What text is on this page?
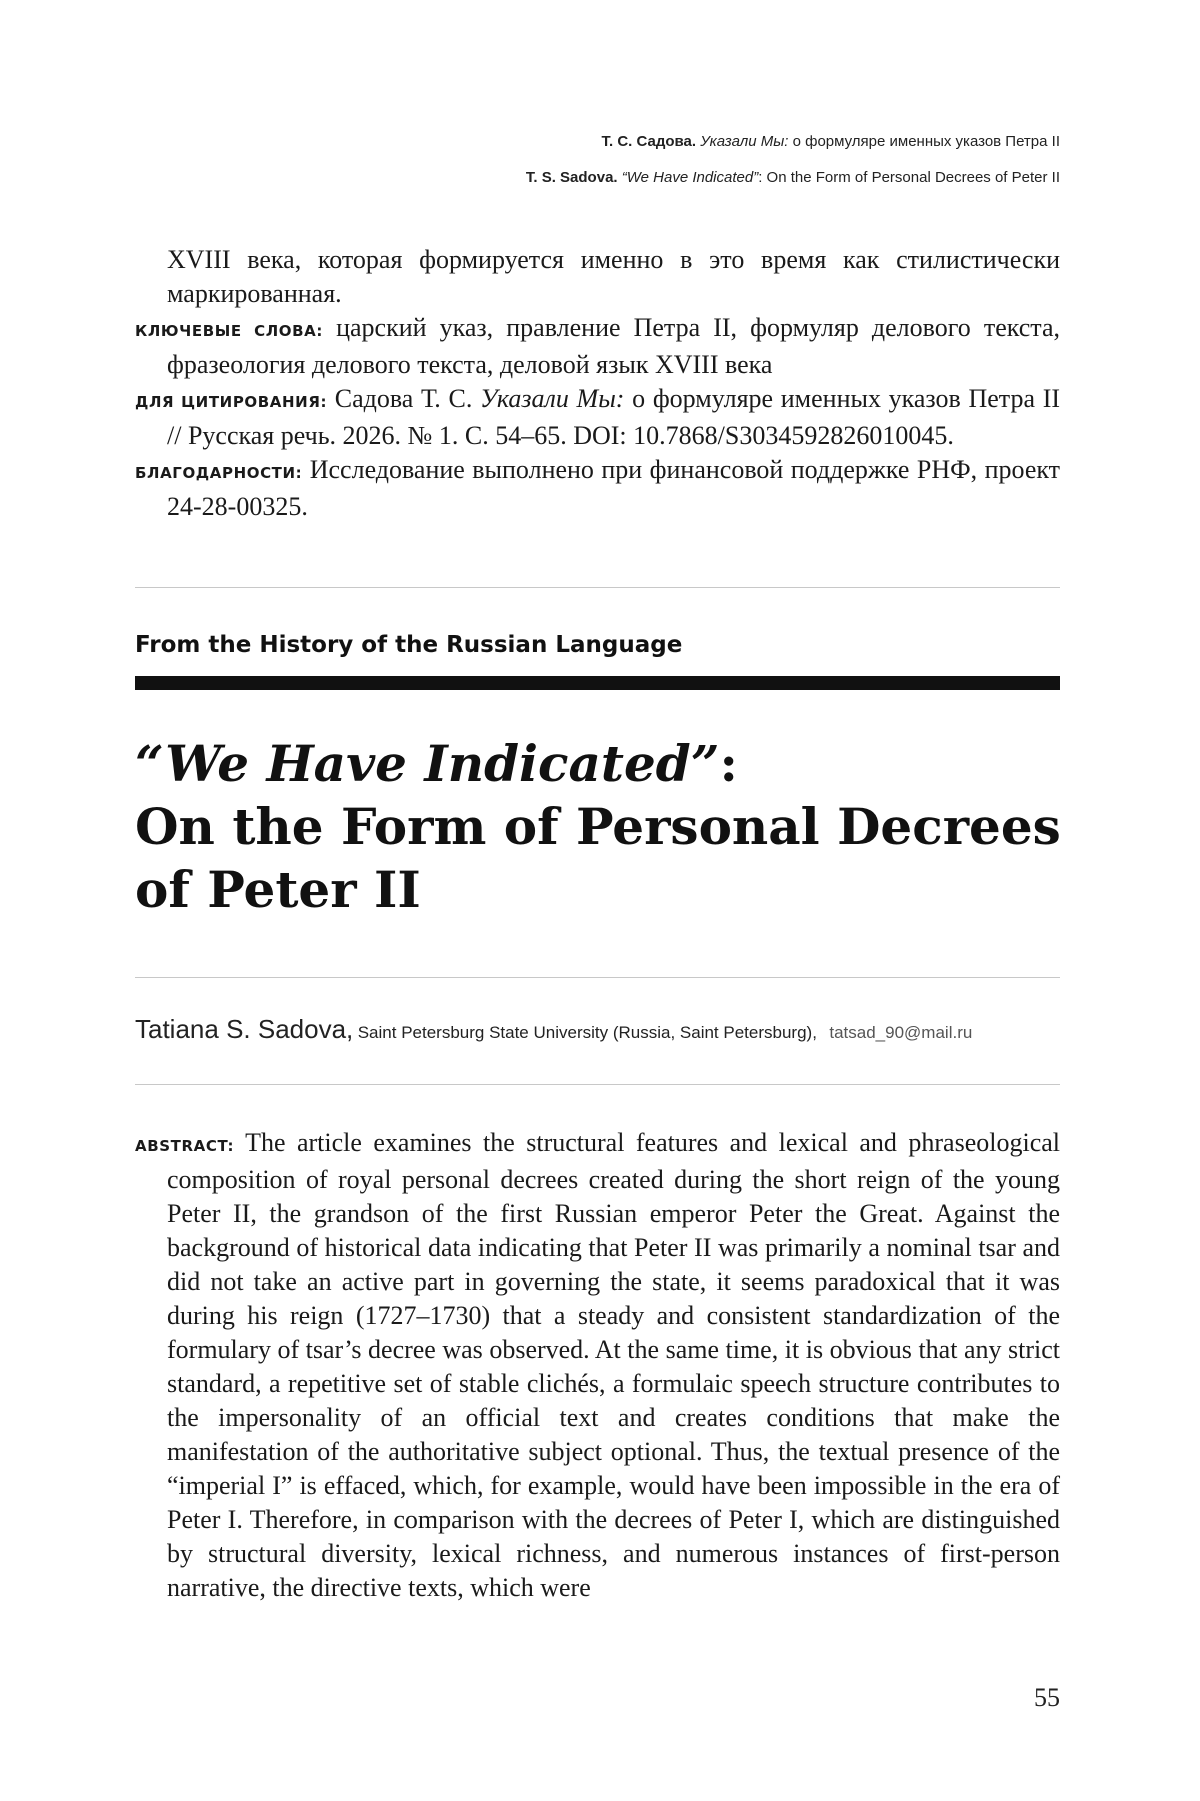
Т. С. Садова. Указали Мы: о формуляре именных указов Петра II
T. S. Sadova. “We Have Indicated”: On the Form of Personal Decrees of Peter II

XVIII века, которая формируется именно в это время как стилистически маркированная.

КЛЮЧЕВЫЕ СЛОВА: царский указ, правление Петра II, формуляр делового текста, фразеология делового текста, деловой язык XVIII века

ДЛЯ ЦИТИРОВАНИЯ: Садова Т. С. Указали Мы: о формуляре именных указов Петра II // Русская речь. 2026. № 1. С. 54–65. DOI: 10.7868/S3034592826010045.

БЛАГОДАРНОСТИ: Исследование выполнено при финансовой поддержке РНФ, проект 24-28-00325.

From the History of the Russian Language
“We Have Indicated”:
On the Form of Personal Decrees
of Peter II
Tatiana S. Sadova, Saint Petersburg State University (Russia, Saint Petersburg), tatsad_90@mail.ru

ABSTRACT: The article examines the structural features and lexical and phraseological composition of royal personal decrees created during the short reign of the young Peter II, the grandson of the first Russian emperor Peter the Great. Against the background of historical data indicating that Peter II was primarily a nominal tsar and did not take an active part in governing the state, it seems paradoxical that it was during his reign (1727–1730) that a steady and consistent standardization of the formulary of tsar’s decree was observed. At the same time, it is obvious that any strict standard, a repetitive set of stable clichés, a formulaic speech structure contributes to the impersonality of an official text and creates conditions that make the manifestation of the authoritative subject optional. Thus, the textual presence of the “imperial I” is effaced, which, for example, would have been impossible in the era of Peter I. Therefore, in comparison with the decrees of Peter I, which are distinguished by structural diversity, lexical richness, and numerous instances of first-person narrative, the directive texts, which were

55
